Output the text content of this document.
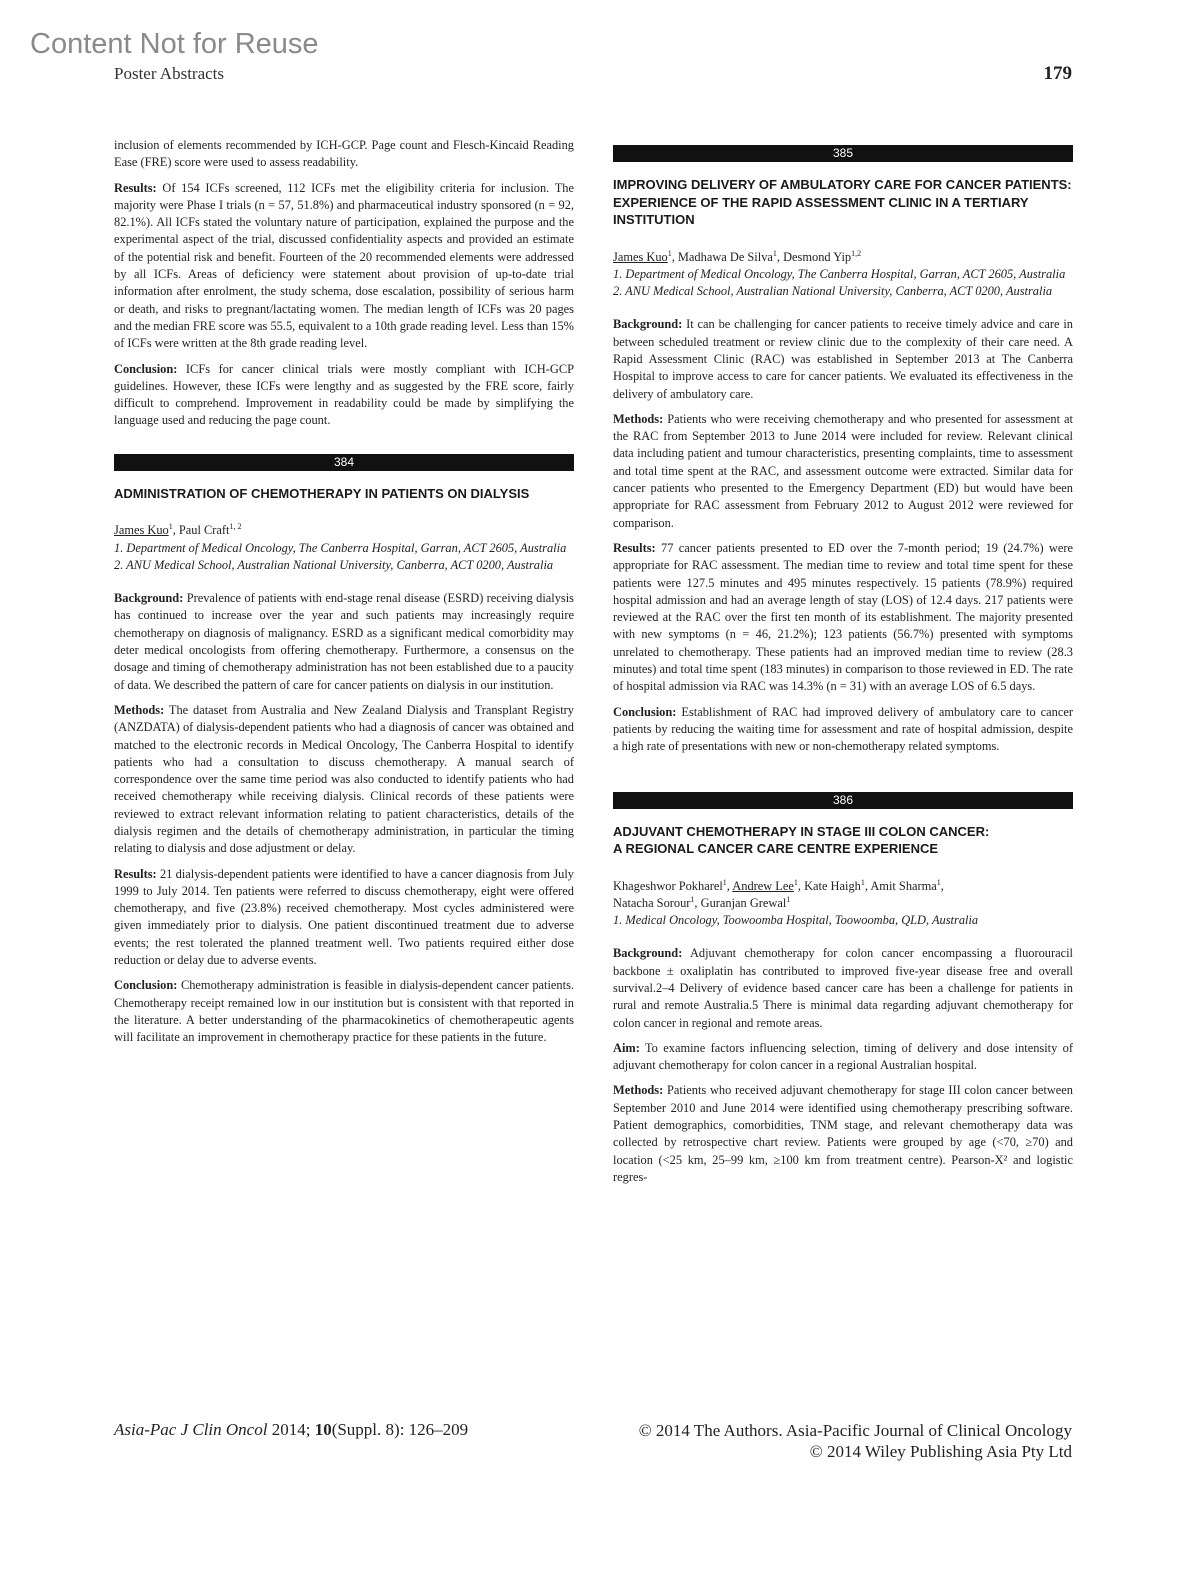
Content Not for Reuse
Poster Abstracts	179

inclusion of elements recommended by ICH-GCP. Page count and Flesch-Kincaid Reading Ease (FRE) score were used to assess readability.

Results: Of 154 ICFs screened, 112 ICFs met the eligibility criteria for inclusion. The majority were Phase I trials (n = 57, 51.8%) and pharmaceutical industry sponsored (n = 92, 82.1%). All ICFs stated the voluntary nature of participation, explained the purpose and the experimental aspect of the trial, discussed confidentiality aspects and provided an estimate of the potential risk and benefit. Fourteen of the 20 recommended elements were addressed by all ICFs. Areas of deficiency were statement about provision of up-to-date trial information after enrolment, the study schema, dose escalation, possibility of serious harm or death, and risks to pregnant/lactating women. The median length of ICFs was 20 pages and the median FRE score was 55.5, equivalent to a 10th grade reading level. Less than 15% of ICFs were written at the 8th grade reading level.

Conclusion: ICFs for cancer clinical trials were mostly compliant with ICH-GCP guidelines. However, these ICFs were lengthy and as suggested by the FRE score, fairly difficult to comprehend. Improvement in readability could be made by simplifying the language used and reducing the page count.

384
ADMINISTRATION OF CHEMOTHERAPY IN PATIENTS ON DIALYSIS

James Kuo$^1$, Paul Craft$^{1, 2}$

1. Department of Medical Oncology, The Canberra Hospital, Garran, ACT 2605, Australia

2. ANU Medical School, Australian National University, Canberra, ACT 0200, Australia

Background: Prevalence of patients with end-stage renal disease (ESRD) receiving dialysis has continued to increase over the year and such patients may increasingly require chemotherapy on diagnosis of malignancy. ESRD as a significant medical comorbidity may deter medical oncologists from offering chemotherapy. Furthermore, a consensus on the dosage and timing of chemotherapy administration has not been established due to a paucity of data. We described the pattern of care for cancer patients on dialysis in our institution.

Methods: The dataset from Australia and New Zealand Dialysis and Transplant Registry (ANZDATA) of dialysis-dependent patients who had a diagnosis of cancer was obtained and matched to the electronic records in Medical Oncology, The Canberra Hospital to identify patients who had a consultation to discuss chemotherapy. A manual search of correspondence over the same time period was also conducted to identify patients who had received chemotherapy while receiving dialysis. Clinical records of these patients were reviewed to extract relevant information relating to patient characteristics, details of the dialysis regimen and the details of chemotherapy administration, in particular the timing relating to dialysis and dose adjustment or delay.

Results: 21 dialysis-dependent patients were identified to have a cancer diagnosis from July 1999 to July 2014. Ten patients were referred to discuss chemotherapy, eight were offered chemotherapy, and five (23.8%) received chemotherapy. Most cycles administered were given immediately prior to dialysis. One patient discontinued treatment due to adverse events; the rest tolerated the planned treatment well. Two patients required either dose reduction or delay due to adverse events.

Conclusion: Chemotherapy administration is feasible in dialysis-dependent cancer patients. Chemotherapy receipt remained low in our institution but is consistent with that reported in the literature. A better understanding of the pharmacokinetics of chemotherapeutic agents will facilitate an improvement in chemotherapy practice for these patients in the future.

385
IMPROVING DELIVERY OF AMBULATORY CARE FOR CANCER PATIENTS: EXPERIENCE OF THE RAPID ASSESSMENT CLINIC IN A TERTIARY INSTITUTION

James Kuo$^1$, Madhawa De Silva$^1$, Desmond Yip$^{1,2}$

1. Department of Medical Oncology, The Canberra Hospital, Garran, ACT 2605, Australia

2. ANU Medical School, Australian National University, Canberra, ACT 0200, Australia

Background: It can be challenging for cancer patients to receive timely advice and care in between scheduled treatment or review clinic due to the complexity of their care need. A Rapid Assessment Clinic (RAC) was established in September 2013 at The Canberra Hospital to improve access to care for cancer patients. We evaluated its effectiveness in the delivery of ambulatory care.

Methods: Patients who were receiving chemotherapy and who presented for assessment at the RAC from September 2013 to June 2014 were included for review. Relevant clinical data including patient and tumour characteristics, presenting complaints, time to assessment and total time spent at the RAC, and assessment outcome were extracted. Similar data for cancer patients who presented to the Emergency Department (ED) but would have been appropriate for RAC assessment from February 2012 to August 2012 were reviewed for comparison.

Results: 77 cancer patients presented to ED over the 7-month period; 19 (24.7%) were appropriate for RAC assessment. The median time to review and total time spent for these patients were 127.5 minutes and 495 minutes respectively. 15 patients (78.9%) required hospital admission and had an average length of stay (LOS) of 12.4 days. 217 patients were reviewed at the RAC over the first ten month of its establishment. The majority presented with new symptoms (n = 46, 21.2%); 123 patients (56.7%) presented with symptoms unrelated to chemotherapy. These patients had an improved median time to review (28.3 minutes) and total time spent (183 minutes) in comparison to those reviewed in ED. The rate of hospital admission via RAC was 14.3% (n = 31) with an average LOS of 6.5 days.

Conclusion: Establishment of RAC had improved delivery of ambulatory care to cancer patients by reducing the waiting time for assessment and rate of hospital admission, despite a high rate of presentations with new or non-chemotherapy related symptoms.

386
ADJUVANT CHEMOTHERAPY IN STAGE III COLON CANCER:
A REGIONAL CANCER CARE CENTRE EXPERIENCE

Khageshwor Pokharel$^1$, Andrew Lee$^1$, Kate Haigh$^1$, Amit Sharma$^1$,
Natacha Sorour$^1$, Guranjan Grewal$^1$

1. Medical Oncology, Toowoomba Hospital, Toowoomba, QLD, Australia

Background: Adjuvant chemotherapy for colon cancer encompassing a fluorouracil backbone ± oxaliplatin has contributed to improved five-year disease free and overall survival.2–4 Delivery of evidence based cancer care has been a challenge for patients in rural and remote Australia.5 There is minimal data regarding adjuvant chemotherapy for colon cancer in regional and remote areas.

Aim: To examine factors influencing selection, timing of delivery and dose intensity of adjuvant chemotherapy for colon cancer in a regional Australian hospital.

Methods: Patients who received adjuvant chemotherapy for stage III colon cancer between September 2010 and June 2014 were identified using chemotherapy prescribing software. Patient demographics, comorbidities, TNM stage, and relevant chemotherapy data was collected by retrospective chart review. Patients were grouped by age (<70, ≥70) and location (<25 km, 25–99 km, ≥100 km from treatment centre). Pearson-X² and logistic regres-

Asia-Pac J Clin Oncol 2014; 10(Suppl. 8): 126–209	© 2014 The Authors. Asia-Pacific Journal of Clinical Oncology
© 2014 Wiley Publishing Asia Pty Ltd
